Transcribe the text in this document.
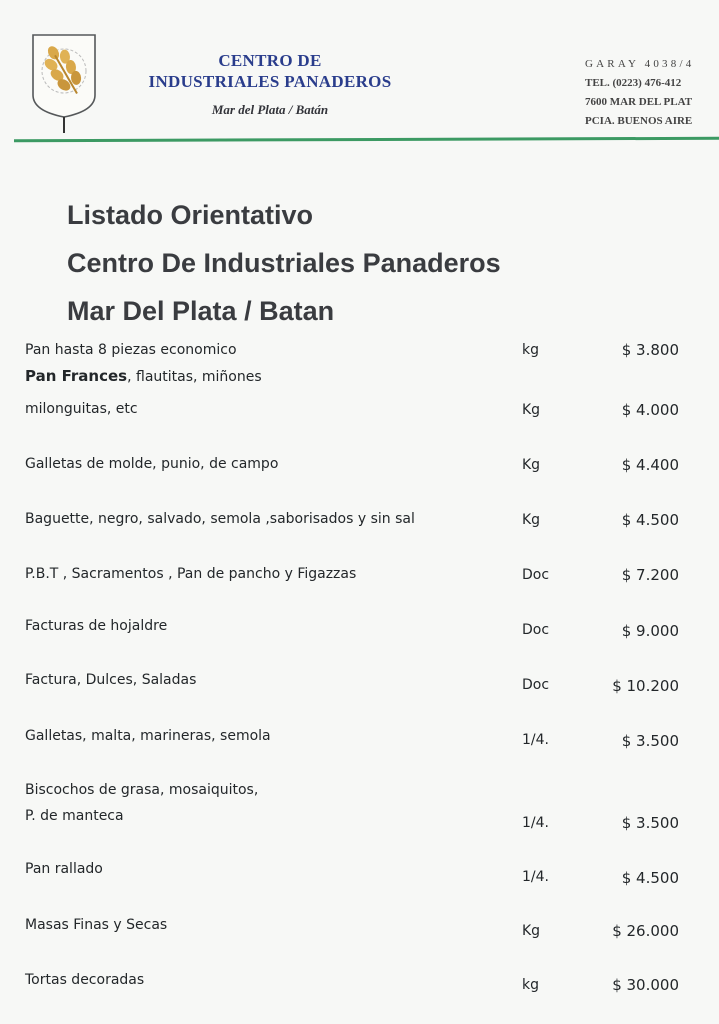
CENTRO DE
INDUSTRIALES PANADEROS
Mar del Plata / Batán
GARAY 4038/4
TEL. (0223) 476-412
7600 MAR DEL PLAT
PCIA. BUENOS AIRE
Listado Orientativo
Centro De Industriales Panaderos
Mar Del Plata / Batan
Pan hasta 8 piezas economico	kg	$ 3.800
Pan Frances, flautitas, miñones
milonguitas, etc	Kg	$ 4.000
Galletas de molde, punio, de campo	Kg	$ 4.400
Baguette, negro, salvado, semola ,saborisados y sin sal	Kg	$ 4.500
P.B.T , Sacramentos , Pan de pancho y Figazzas	Doc	$ 7.200
Facturas de hojaldre	Doc	$ 9.000
Factura, Dulces, Saladas	Doc	$ 10.200
Galletas, malta, marineras, semola	1/4.	$ 3.500
Biscochos de grasa, mosaiquitos,
P. de manteca	1/4.	$ 3.500
Pan rallado	1/4.	$ 4.500
Masas Finas y Secas	Kg	$ 26.000
Tortas decoradas	kg	$ 30.000
